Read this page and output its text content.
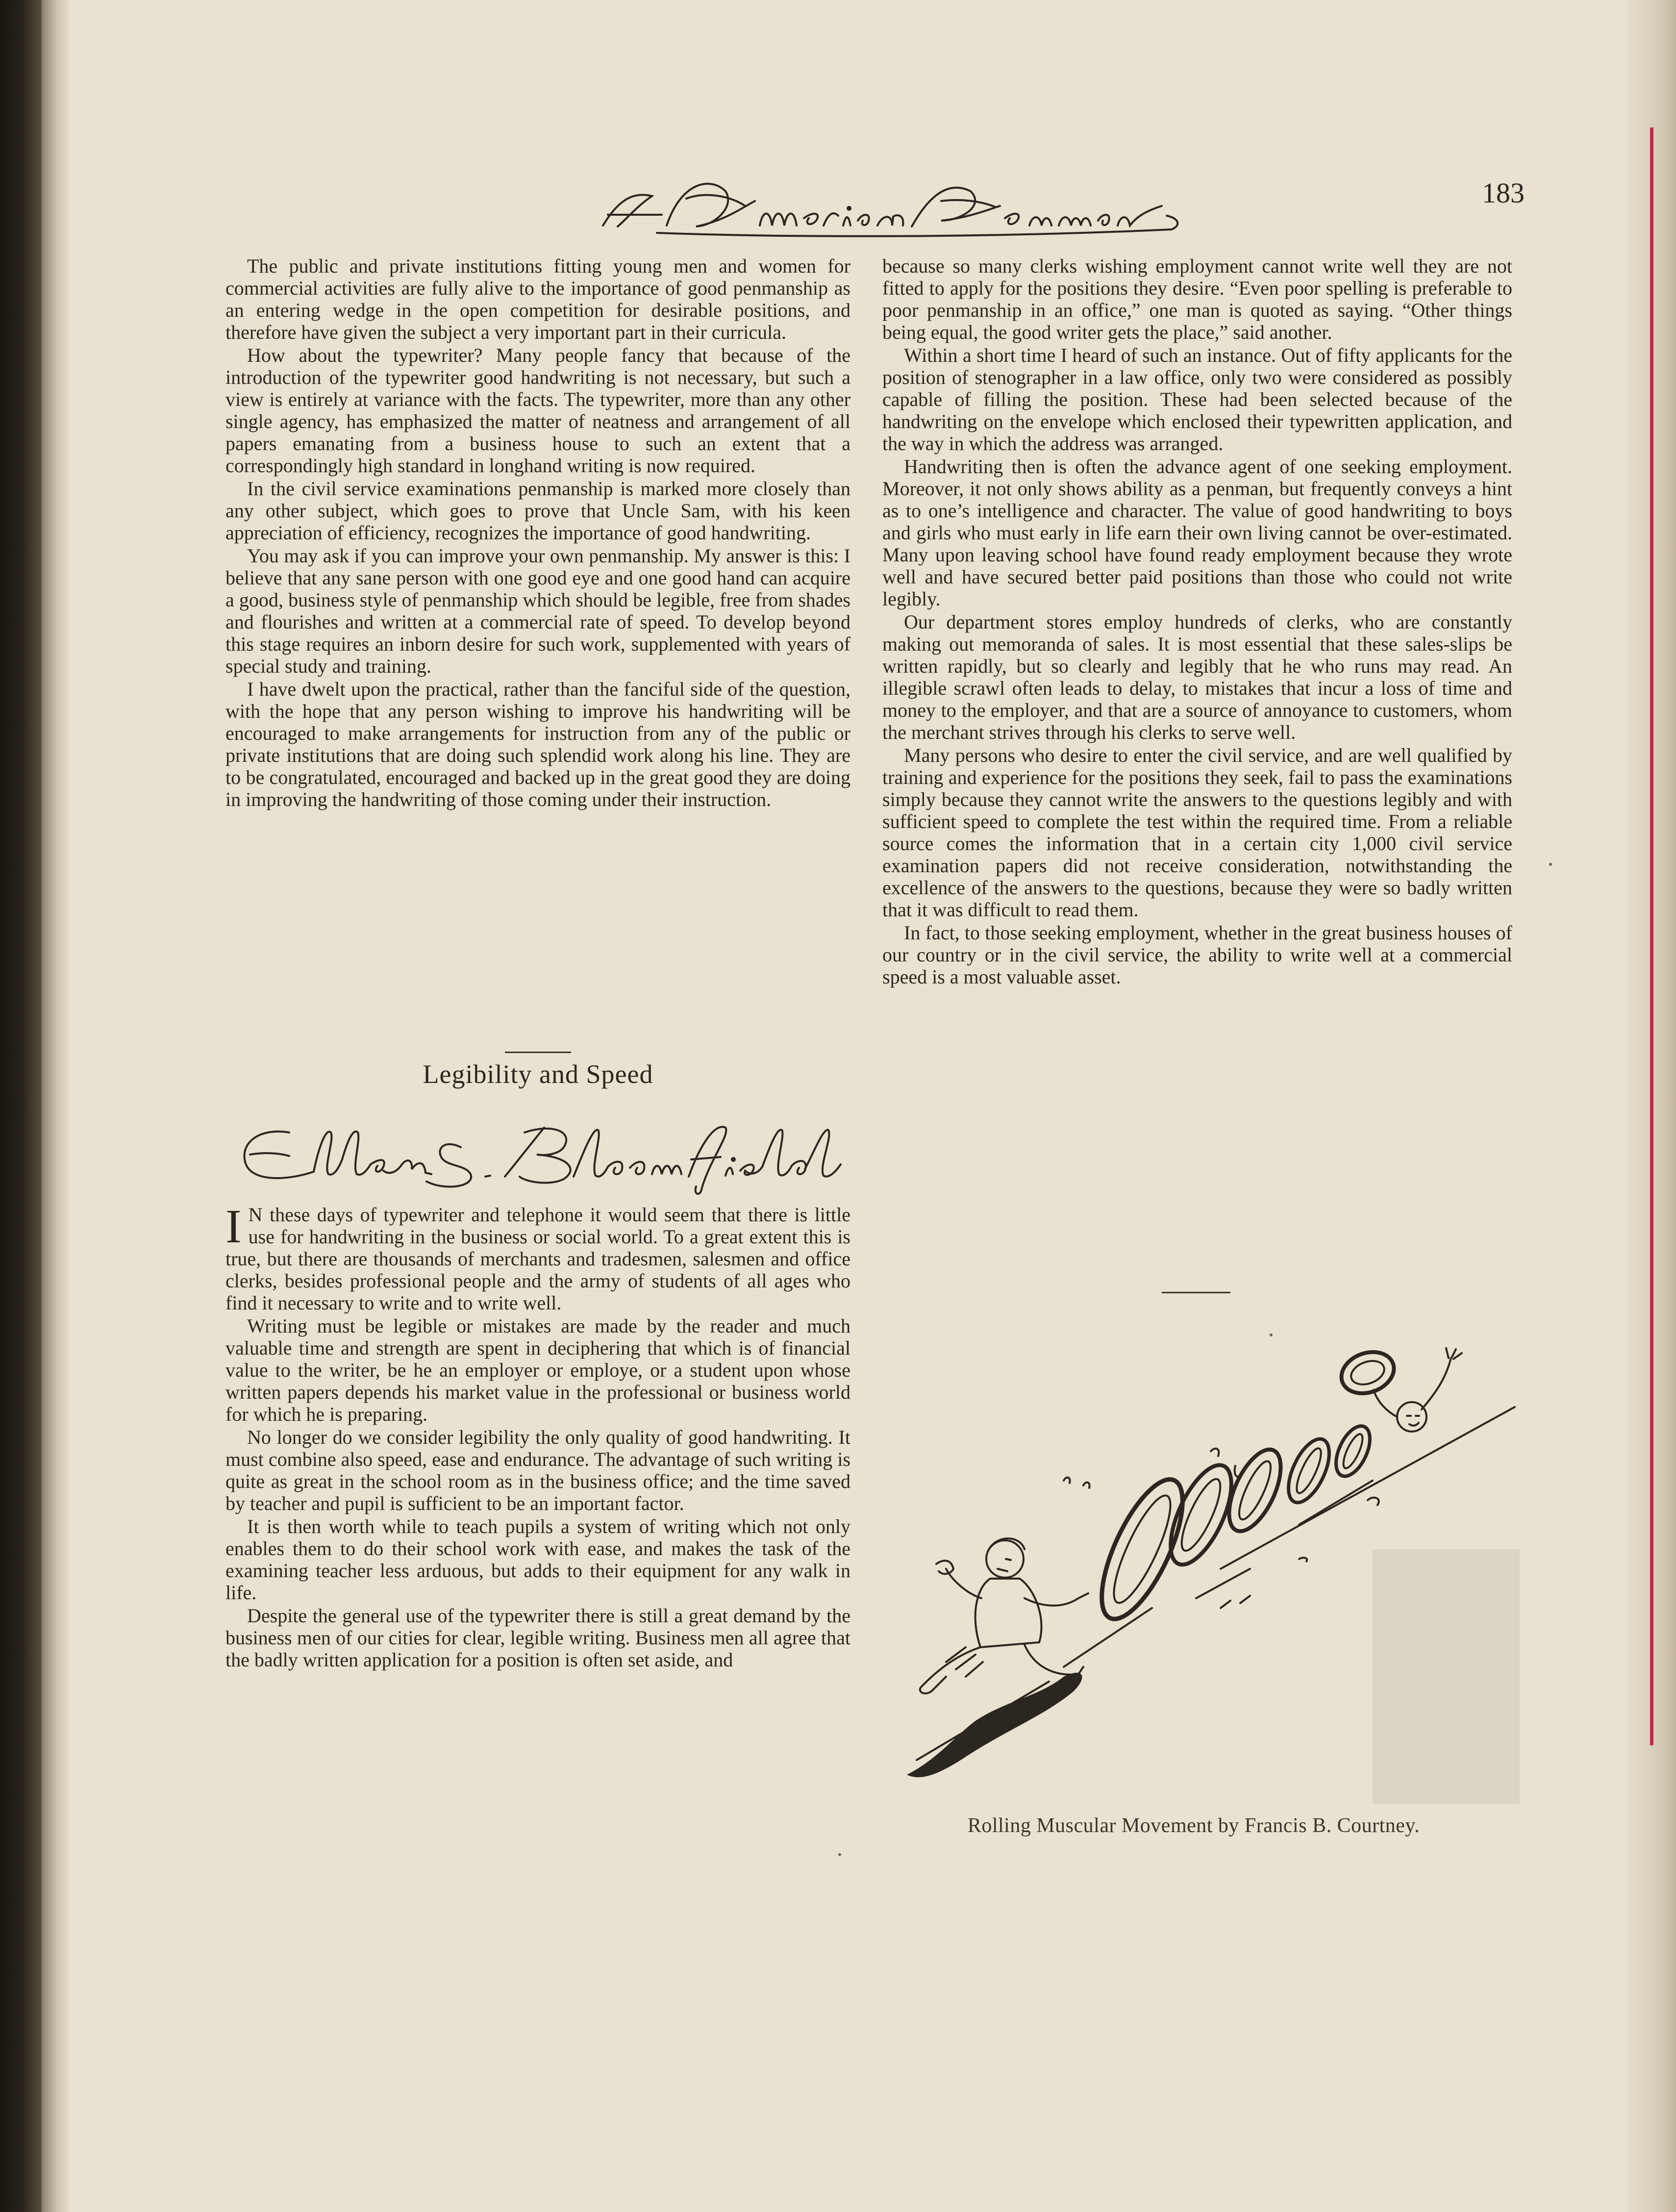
183

The public and private institutions fitting young men and women for commercial activities are fully alive to the importance of good penmanship as an entering wedge in the open competition for desirable positions, and therefore have given the subject a very important part in their curricula.

How about the typewriter? Many people fancy that because of the introduction of the typewriter good handwriting is not necessary, but such a view is entirely at variance with the facts. The typewriter, more than any other single agency, has emphasized the matter of neatness and arrangement of all papers emanating from a business house to such an extent that a correspondingly high standard in longhand writing is now required.

In the civil service examinations penmanship is marked more closely than any other subject, which goes to prove that Uncle Sam, with his keen appreciation of efficiency, recognizes the importance of good handwriting.

You may ask if you can improve your own penmanship. My answer is this: I believe that any sane person with one good eye and one good hand can acquire a good, business style of penmanship which should be legible, free from shades and flourishes and written at a commercial rate of speed. To develop beyond this stage requires an inborn desire for such work, supplemented with years of special study and training.

I have dwelt upon the practical, rather than the fanciful side of the question, with the hope that any person wishing to improve his handwriting will be encouraged to make arrangements for instruction from any of the public or private institutions that are doing such splendid work along his line. They are to be congratulated, encouraged and backed up in the great good they are doing in improving the handwriting of those coming under their instruction.

Legibility and Speed

I N these days of typewriter and telephone it would seem that there is little use for handwriting in the business or social world. To a great extent this is true, but there are thousands of merchants and tradesmen, salesmen and office clerks, besides professional people and the army of students of all ages who find it necessary to write and to write well.

Writing must be legible or mistakes are made by the reader and much valuable time and strength are spent in deciphering that which is of financial value to the writer, be he an employer or employe, or a student upon whose written papers depends his market value in the professional or business world for which he is preparing.

No longer do we consider legibility the only quality of good handwriting. It must combine also speed, ease and endurance. The advantage of such writing is quite as great in the school room as in the business office; and the time saved by teacher and pupil is sufficient to be an important factor.

It is then worth while to teach pupils a system of writing which not only enables them to do their school work with ease, and makes the task of the examining teacher less arduous, but adds to their equipment for any walk in life.

Despite the general use of the typewriter there is still a great demand by the business men of our cities for clear, legible writing. Business men all agree that the badly written application for a position is often set aside, and

because so many clerks wishing employment cannot write well they are not fitted to apply for the positions they desire. “Even poor spelling is preferable to poor penmanship in an office,” one man is quoted as saying. “Other things being equal, the good writer gets the place,” said another.

Within a short time I heard of such an instance. Out of fifty applicants for the position of stenographer in a law office, only two were considered as possibly capable of filling the position. These had been selected because of the handwriting on the envelope which enclosed their typewritten application, and the way in which the address was arranged.

Handwriting then is often the advance agent of one seeking employment. Moreover, it not only shows ability as a penman, but frequently conveys a hint as to one’s intelligence and character. The value of good handwriting to boys and girls who must early in life earn their own living cannot be over-estimated. Many upon leaving school have found ready employment because they wrote well and have secured better paid positions than those who could not write legibly.

Our department stores employ hundreds of clerks, who are constantly making out memoranda of sales. It is most essential that these sales-slips be written rapidly, but so clearly and legibly that he who runs may read. An illegible scrawl often leads to delay, to mistakes that incur a loss of time and money to the employer, and that are a source of annoyance to customers, whom the merchant strives through his clerks to serve well.

Many persons who desire to enter the civil service, and are well qualified by training and experience for the positions they seek, fail to pass the examinations simply because they cannot write the answers to the questions legibly and with sufficient speed to complete the test within the required time. From a reliable source comes the information that in a certain city 1,000 civil service examination papers did not receive consideration, notwithstanding the excellence of the answers to the questions, because they were so badly written that it was difficult to read them.

In fact, to those seeking employment, whether in the great business houses of our country or in the civil service, the ability to write well at a commercial speed is a most valuable asset.

Rolling Muscular Movement by Francis B. Courtney.
